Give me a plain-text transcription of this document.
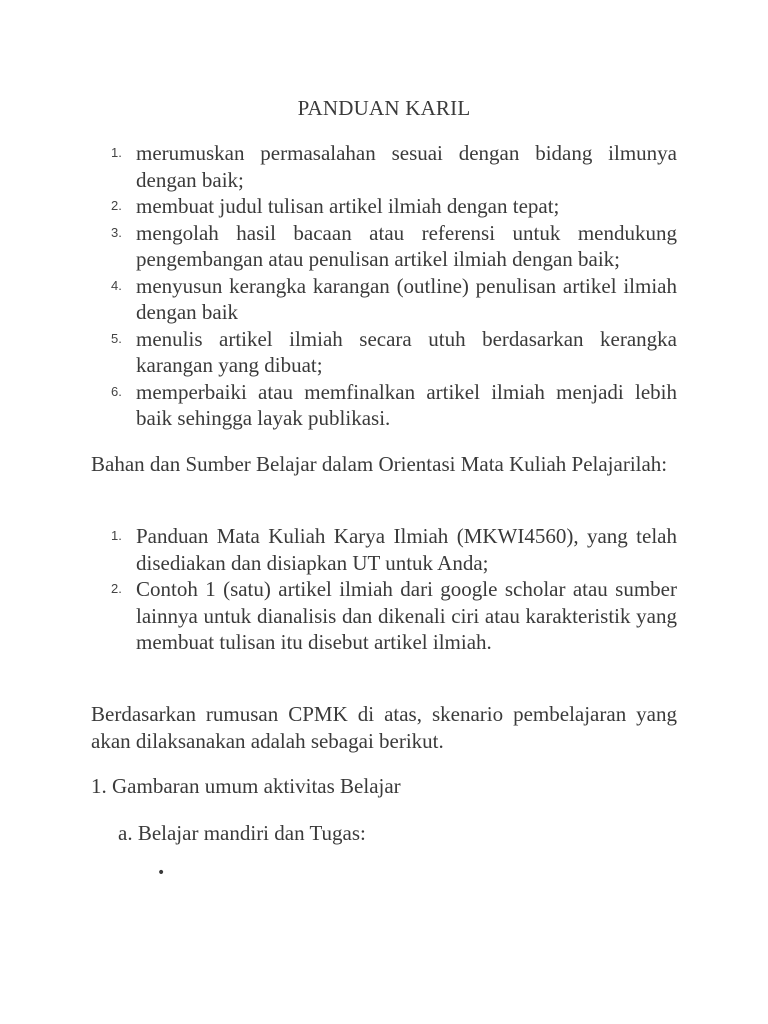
PANDUAN KARIL
1. merumuskan permasalahan sesuai dengan bidang ilmunya dengan baik;
2. membuat judul tulisan artikel ilmiah dengan tepat;
3. mengolah hasil bacaan atau referensi untuk mendukung pengembangan atau penulisan artikel ilmiah dengan baik;
4. menyusun kerangka karangan (outline) penulisan artikel ilmiah dengan baik
5. menulis artikel ilmiah secara utuh berdasarkan kerangka karangan yang dibuat;
6. memperbaiki atau memfinalkan artikel ilmiah menjadi lebih baik sehingga layak publikasi.

Bahan dan Sumber Belajar dalam Orientasi Mata Kuliah Pelajarilah:

1. Panduan Mata Kuliah Karya Ilmiah (MKWI4560), yang telah disediakan dan disiapkan UT untuk Anda;
2. Contoh 1 (satu) artikel ilmiah dari google scholar atau sumber lainnya untuk dianalisis dan dikenali ciri atau karakteristik yang membuat tulisan itu disebut artikel ilmiah.

Berdasarkan rumusan CPMK di atas, skenario pembelajaran yang akan dilaksanakan adalah sebagai berikut.

1. Gambaran umum aktivitas Belajar

a. Belajar mandiri dan Tugas:

•
